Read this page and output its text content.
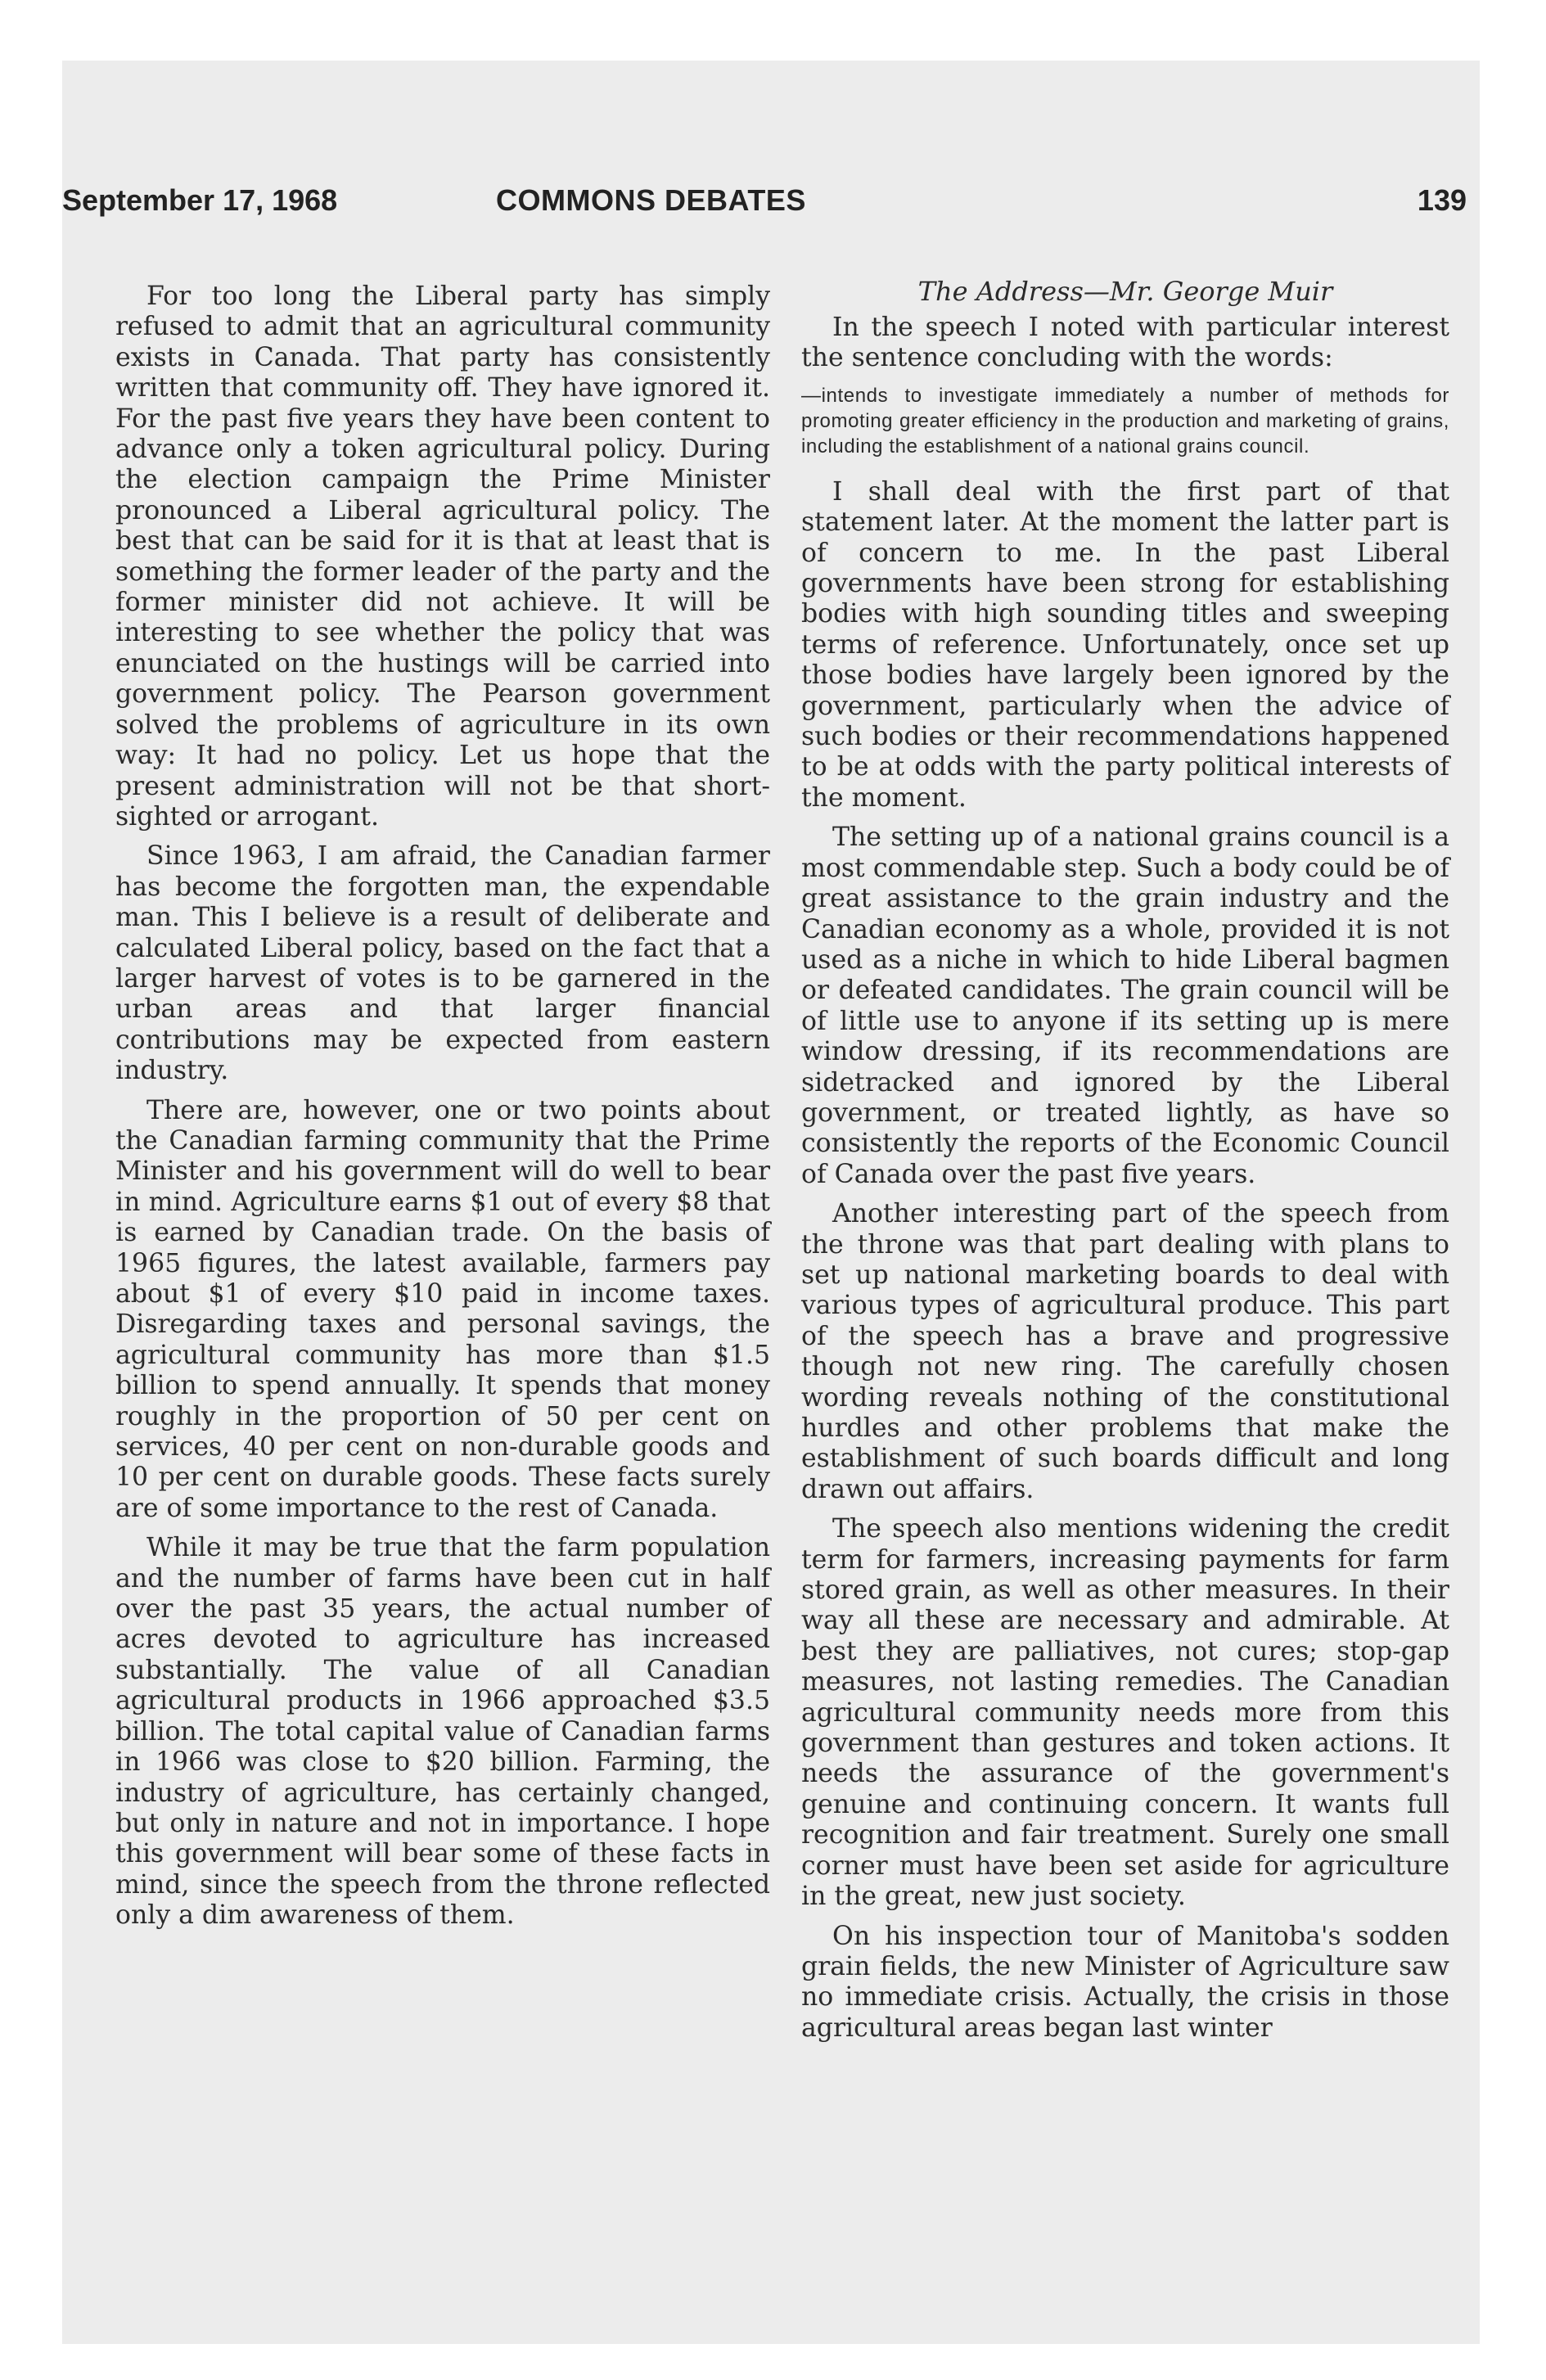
September 17, 1968	COMMONS DEBATES	139

For too long the Liberal party has simply refused to admit that an agricultural community exists in Canada. That party has consistently written that community off. They have ignored it. For the past five years they have been content to advance only a token agricultural policy. During the election campaign the Prime Minister pronounced a Liberal agricultural policy. The best that can be said for it is that at least that is something the former leader of the party and the former minister did not achieve. It will be interesting to see whether the policy that was enunciated on the hustings will be carried into government policy. The Pearson government solved the problems of agriculture in its own way: It had no policy. Let us hope that the present administration will not be that short-sighted or arrogant.

Since 1963, I am afraid, the Canadian farmer has become the forgotten man, the expendable man. This I believe is a result of deliberate and calculated Liberal policy, based on the fact that a larger harvest of votes is to be garnered in the urban areas and that larger financial contributions may be expected from eastern industry.

There are, however, one or two points about the Canadian farming community that the Prime Minister and his government will do well to bear in mind. Agriculture earns $1 out of every $8 that is earned by Canadian trade. On the basis of 1965 figures, the latest available, farmers pay about $1 of every $10 paid in income taxes. Disregarding taxes and personal savings, the agricultural community has more than $1.5 billion to spend annually. It spends that money roughly in the proportion of 50 per cent on services, 40 per cent on non-durable goods and 10 per cent on durable goods. These facts surely are of some importance to the rest of Canada.

While it may be true that the farm population and the number of farms have been cut in half over the past 35 years, the actual number of acres devoted to agriculture has increased substantially. The value of all Canadian agricultural products in 1966 approached $3.5 billion. The total capital value of Canadian farms in 1966 was close to $20 billion. Farming, the industry of agriculture, has certainly changed, but only in nature and not in importance. I hope this government will bear some of these facts in mind, since the speech from the throne reflected only a dim awareness of them.

The Address—Mr. George Muir

In the speech I noted with particular interest the sentence concluding with the words:

—intends to investigate immediately a number of methods for promoting greater efficiency in the production and marketing of grains, including the establishment of a national grains council.

I shall deal with the first part of that statement later. At the moment the latter part is of concern to me. In the past Liberal governments have been strong for establishing bodies with high sounding titles and sweeping terms of reference. Unfortunately, once set up those bodies have largely been ignored by the government, particularly when the advice of such bodies or their recommendations happened to be at odds with the party political interests of the moment.

The setting up of a national grains council is a most commendable step. Such a body could be of great assistance to the grain industry and the Canadian economy as a whole, provided it is not used as a niche in which to hide Liberal bagmen or defeated candidates. The grain council will be of little use to anyone if its setting up is mere window dressing, if its recommendations are sidetracked and ignored by the Liberal government, or treated lightly, as have so consistently the reports of the Economic Council of Canada over the past five years.

Another interesting part of the speech from the throne was that part dealing with plans to set up national marketing boards to deal with various types of agricultural produce. This part of the speech has a brave and progressive though not new ring. The carefully chosen wording reveals nothing of the constitutional hurdles and other problems that make the establishment of such boards difficult and long drawn out affairs.

The speech also mentions widening the credit term for farmers, increasing payments for farm stored grain, as well as other measures. In their way all these are necessary and admirable. At best they are palliatives, not cures; stop-gap measures, not lasting remedies. The Canadian agricultural community needs more from this government than gestures and token actions. It needs the assurance of the government's genuine and continuing concern. It wants full recognition and fair treatment. Surely one small corner must have been set aside for agriculture in the great, new just society.

On his inspection tour of Manitoba's sodden grain fields, the new Minister of Agriculture saw no immediate crisis. Actually, the crisis in those agricultural areas began last winter
